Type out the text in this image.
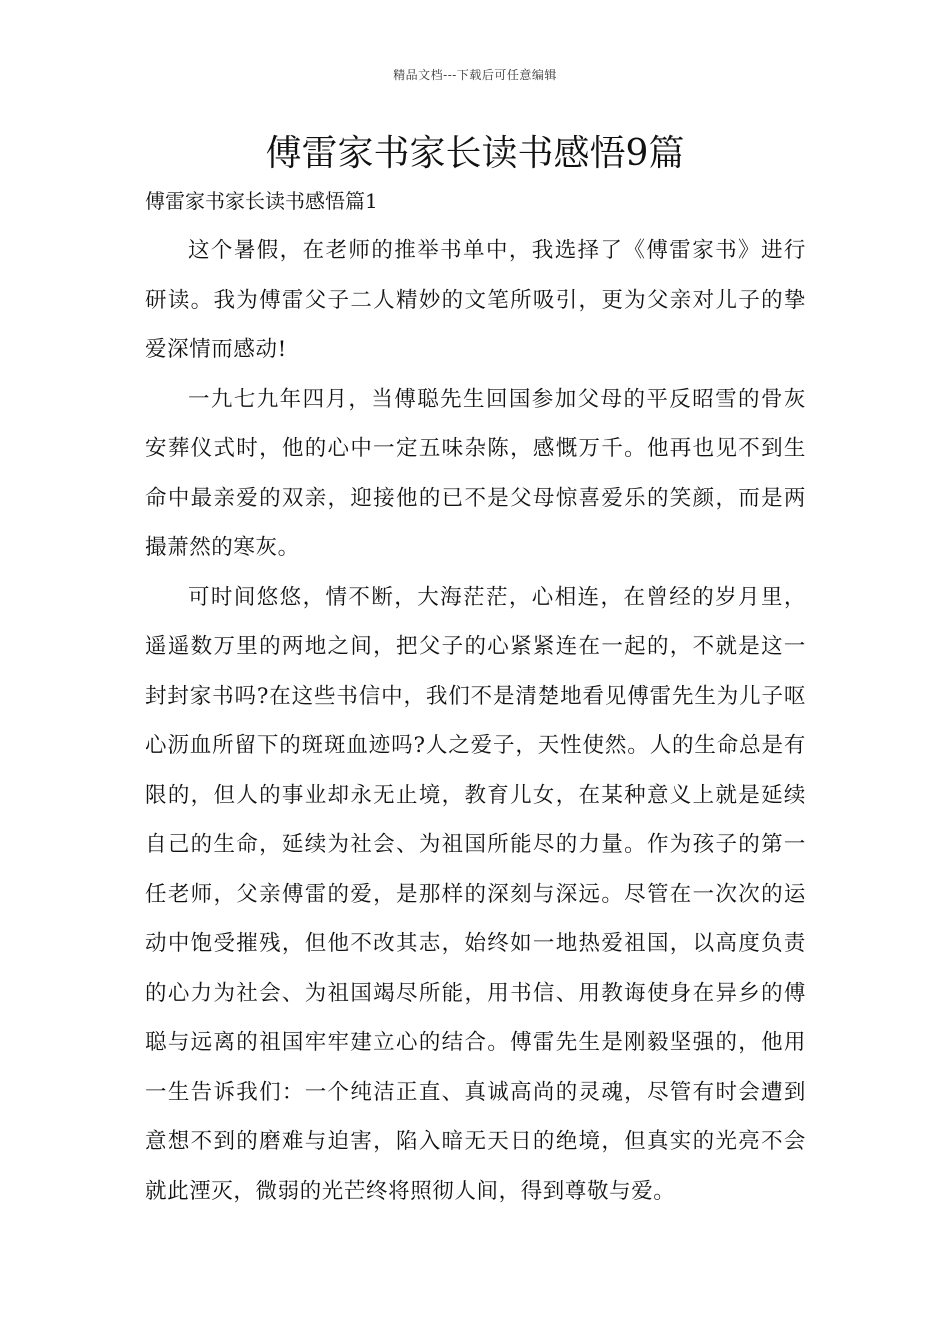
精品文档---下载后可任意编辑
傅雷家书家长读书感悟9篇
傅雷家书家长读书感悟篇1

这个暑假，在老师的推举书单中，我选择了《傅雷家书》进行研读。我为傅雷父子二人精妙的文笔所吸引，更为父亲对儿子的挚爱深情而感动!

一九七九年四月，当傅聪先生回国参加父母的平反昭雪的骨灰安葬仪式时，他的心中一定五味杂陈，感慨万千。他再也见不到生命中最亲爱的双亲，迎接他的已不是父母惊喜爱乐的笑颜，而是两撮萧然的寒灰。

可时间悠悠，情不断，大海茫茫，心相连，在曾经的岁月里，遥遥数万里的两地之间，把父子的心紧紧连在一起的，不就是这一封封家书吗?在这些书信中，我们不是清楚地看见傅雷先生为儿子呕心沥血所留下的斑斑血迹吗?人之爱子，天性使然。人的生命总是有限的，但人的事业却永无止境，教育儿女，在某种意义上就是延续自己的生命，延续为社会、为祖国所能尽的力量。作为孩子的第一任老师，父亲傅雷的爱，是那样的深刻与深远。尽管在一次次的运动中饱受摧残，但他不改其志，始终如一地热爱祖国，以高度负责的心力为社会、为祖国竭尽所能，用书信、用教诲使身在异乡的傅聪与远离的祖国牢牢建立心的结合。傅雷先生是刚毅坚强的，他用一生告诉我们：一个纯洁正直、真诚高尚的灵魂，尽管有时会遭到意想不到的磨难与迫害，陷入暗无天日的绝境，但真实的光亮不会就此湮灭，微弱的光芒终将照彻人间，得到尊敬与爱。
